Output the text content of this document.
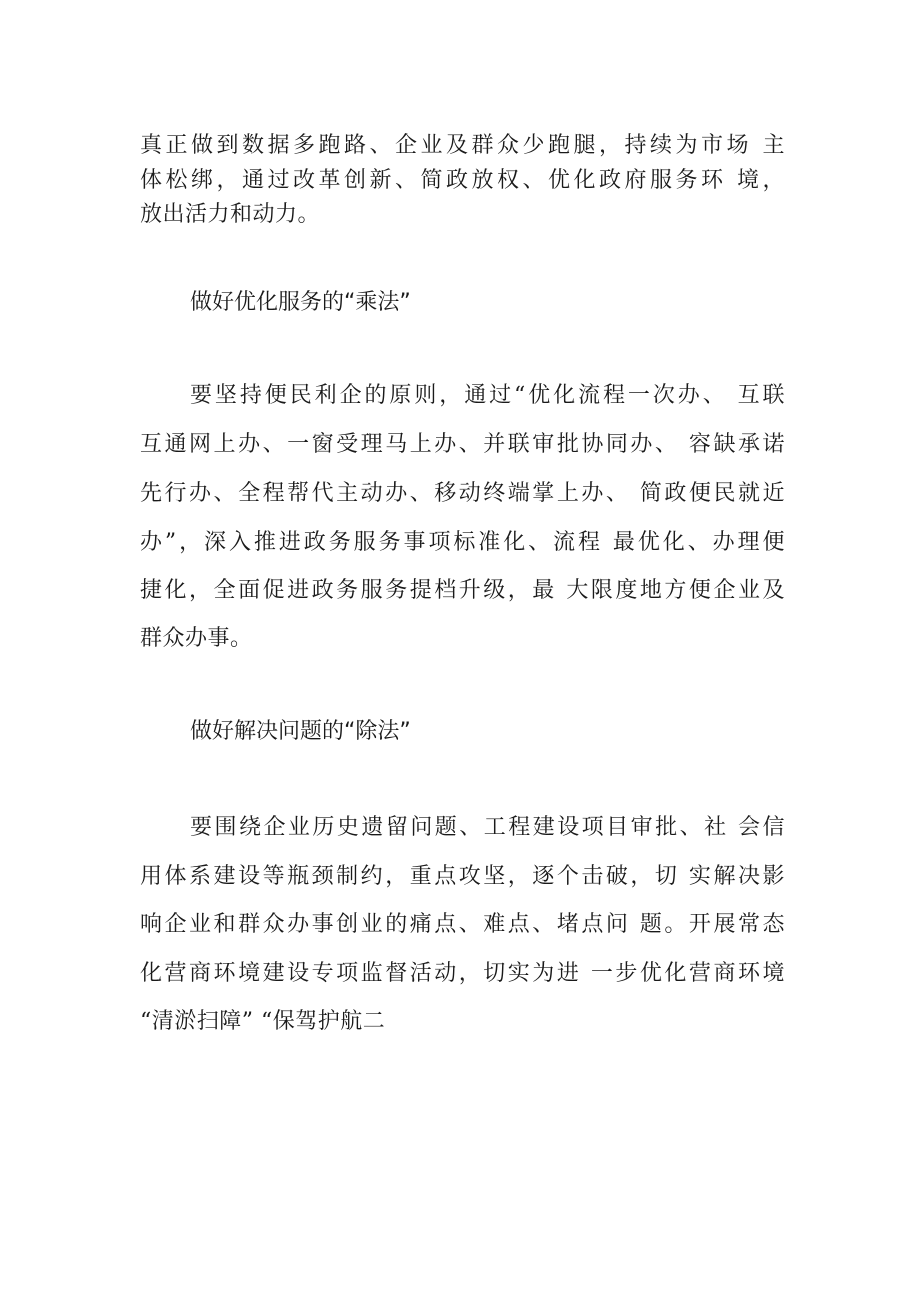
真正做到数据多跑路、企业及群众少跑腿，持续为市场 主
体松绑，通过改革创新、简政放权、优化政府服务环 境，
放出活力和动力。
做好优化服务的“乘法”
要坚持便民利企的原则，通过“优化流程一次办、 互联
互通网上办、一窗受理马上办、并联审批协同办、 容缺承诺
先行办、全程帮代主动办、移动终端掌上办、 简政便民就近
办”，深入推进政务服务事项标准化、流程 最优化、办理便
捷化，全面促进政务服务提档升级，最 大限度地方便企业及
群众办事。
做好解决问题的“除法”
要围绕企业历史遗留问题、工程建设项目审批、社 会信
用体系建设等瓶颈制约，重点攻坚，逐个击破，切 实解决影
响企业和群众办事创业的痛点、难点、堵点问 题。开展常态
化营商环境建设专项监督活动，切实为进 一步优化营商环境
“清淤扫障” “保驾护航二
